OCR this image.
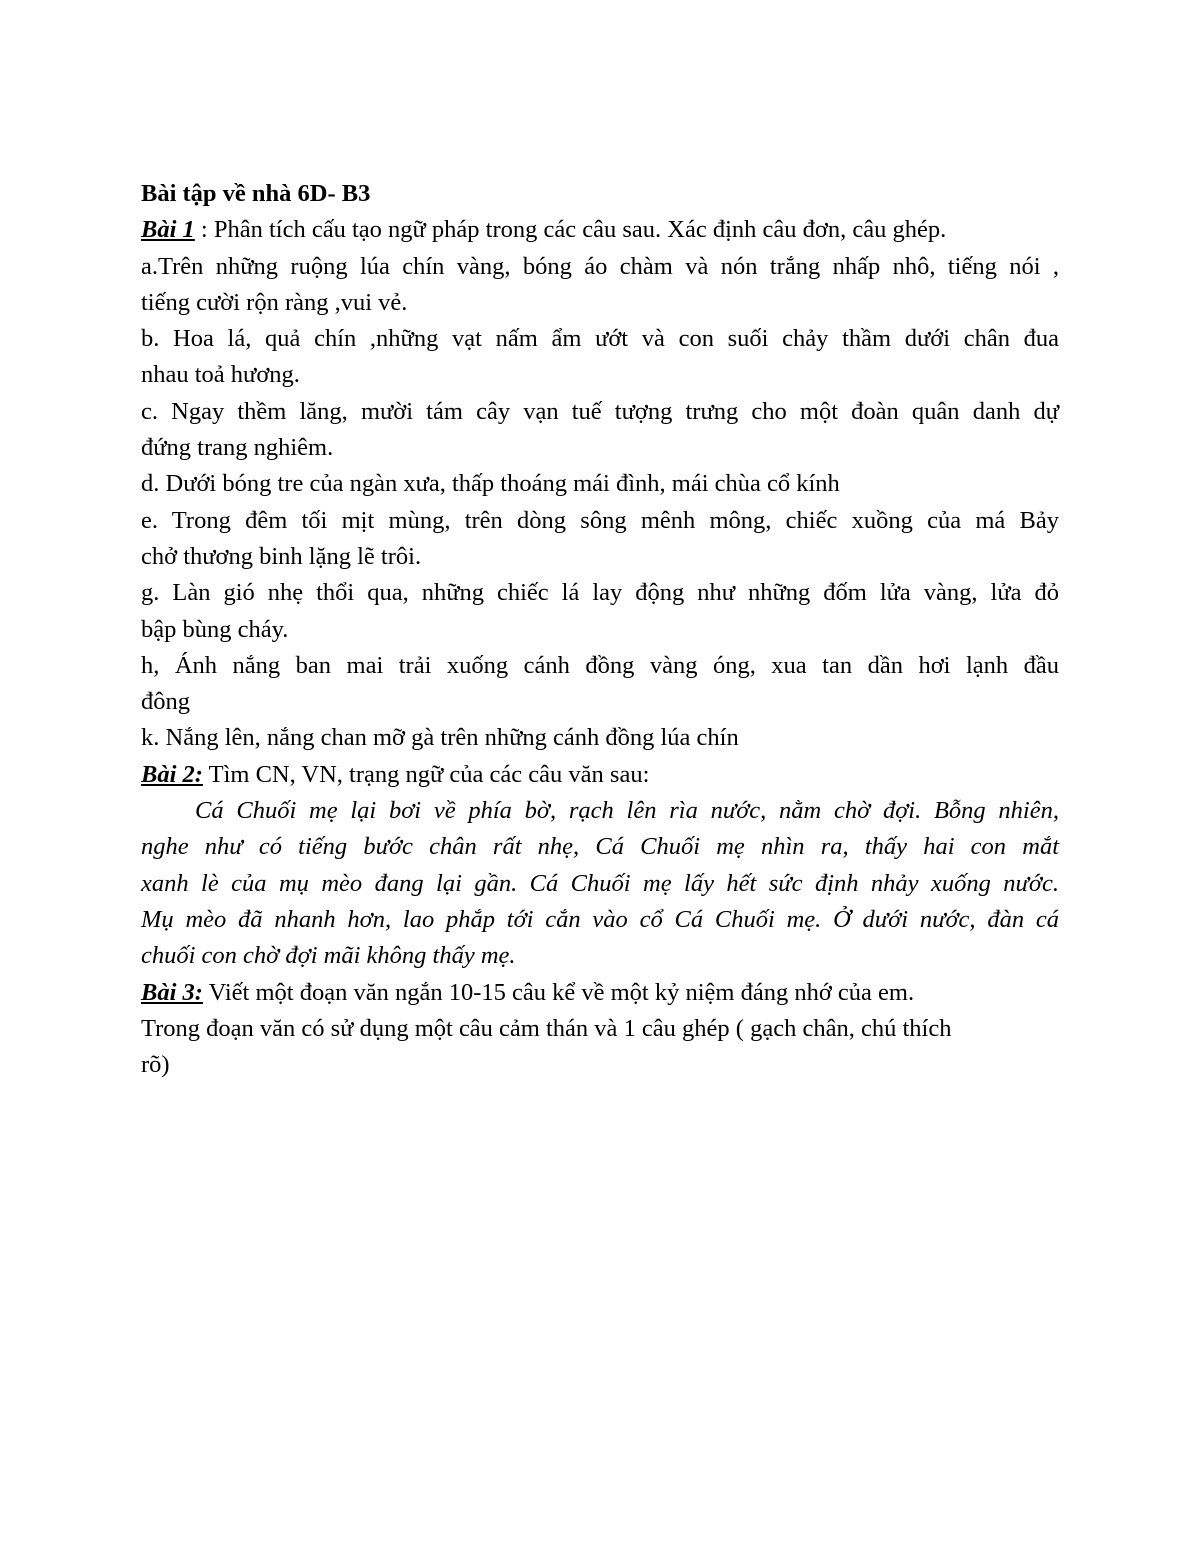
Bài tập về nhà 6D- B3
Bài 1 : Phân tích cấu tạo ngữ pháp trong các câu sau. Xác định câu đơn, câu ghép.
a.Trên những ruộng lúa chín vàng, bóng áo chàm và nón trắng nhấp nhô, tiếng nói ,
tiếng cười rộn ràng ,vui vẻ.
b. Hoa lá, quả chín ,những vạt nấm ẩm ướt và con suối chảy thầm dưới chân đua
nhau toả hương.
c. Ngay thềm lăng, mười tám cây vạn tuế tượng trưng cho một đoàn quân danh dự
đứng trang nghiêm.
d. Dưới bóng tre của ngàn xưa, thấp thoáng mái đình, mái chùa cổ kính
e. Trong đêm tối mịt mùng, trên dòng sông mênh mông, chiếc xuồng của má Bảy
chở thương binh lặng lẽ trôi.
g. Làn gió nhẹ thổi qua, những chiếc lá lay động như những đốm lửa vàng, lửa đỏ
bập bùng cháy.
h, Ánh nắng ban mai trải xuống cánh đồng vàng óng, xua tan dần hơi lạnh đầu
đông
k. Nắng lên, nắng chan mỡ gà trên những cánh đồng lúa chín
Bài 2: Tìm CN, VN, trạng ngữ của các câu văn sau:
Cá Chuối mẹ lại bơi về phía bờ, rạch lên rìa nước, nằm chờ đợi. Bỗng nhiên,
nghe như có tiếng bước chân rất nhẹ, Cá Chuối mẹ nhìn ra, thấy hai con mắt
xanh lè của mụ mèo đang lại gần. Cá Chuối mẹ lấy hết sức định nhảy xuống nước.
Mụ mèo đã nhanh hơn, lao phắp tới cắn vào cổ Cá Chuối mẹ. Ở dưới nước, đàn cá
chuối con chờ đợi mãi không thấy mẹ.
Bài 3: Viết một đoạn văn ngắn 10-15 câu kể về một kỷ niệm đáng nhớ của em.
Trong đoạn văn có sử dụng một câu cảm thán và 1 câu ghép ( gạch chân, chú thích
rõ)
